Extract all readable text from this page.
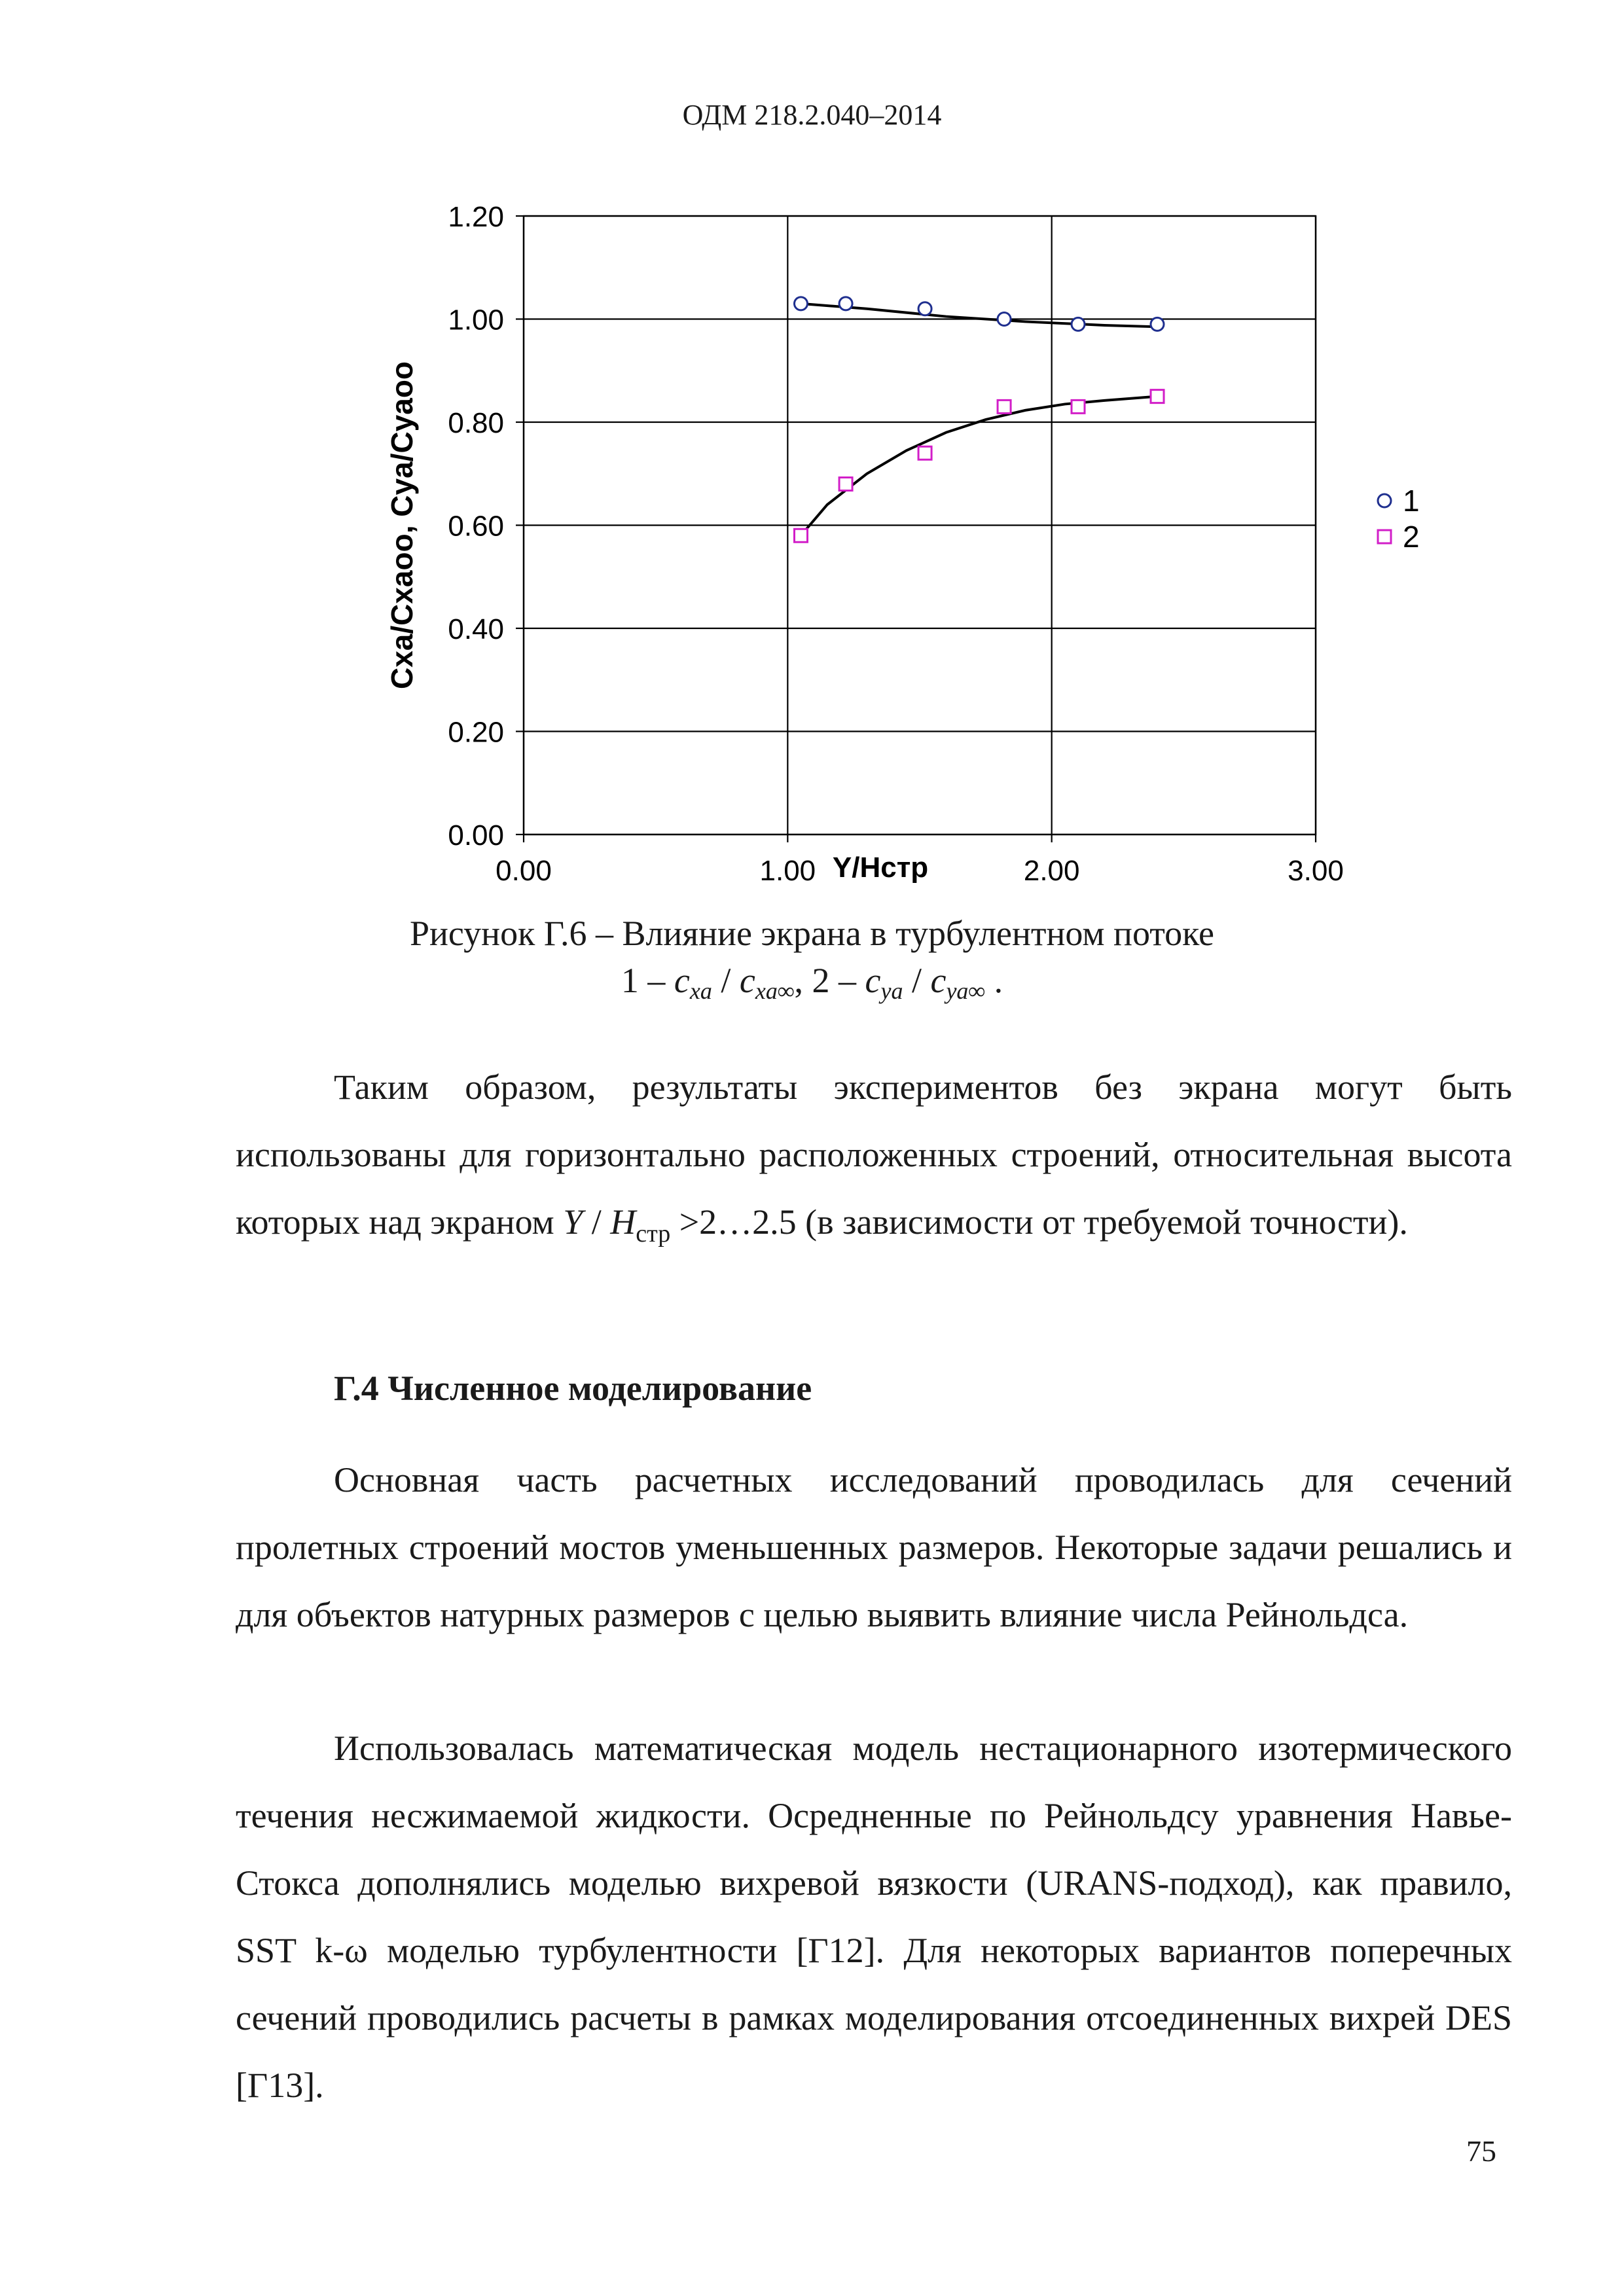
ОДМ 218.2.040–2014
0.00
0.20
0.40
0.60
0.80
1.00
1.20
0.00	1.00	2.00	3.00
Y/Hстр
Cxa/Cxaoo, Cya/Cyaoo	1
2
Рисунок Г.6 – Влияние экрана в турбулентном потоке
$1 - c_{xa} / c_{xa\infty}$, $2 - c_{ya} / c_{ya\infty}$ .

Таким образом, результаты экспериментов без экрана могут быть использованы для горизонтально расположенных строений, относительная высота которых над экраном Y / $H_{стр}$ >2…2.5 (в зависимости от требуемой точности).

Г.4 Численное моделирование

Основная часть расчетных исследований проводилась для сечений пролетных строений мостов уменьшенных размеров. Некоторые задачи решались и для объектов натурных размеров с целью выявить влияние числа Рейнольдса.

Использовалась математическая модель нестационарного изотермического течения несжимаемой жидкости. Осредненные по Рейнольдсу уравнения Навье-Стокса дополнялись моделью вихревой вязкости (URANS-подход), как правило, SST k-ω моделью турбулентности [Г12]. Для некоторых вариантов поперечных сечений проводились расчеты в рамках моделирования отсоединенных вихрей DES [Г13].

75
